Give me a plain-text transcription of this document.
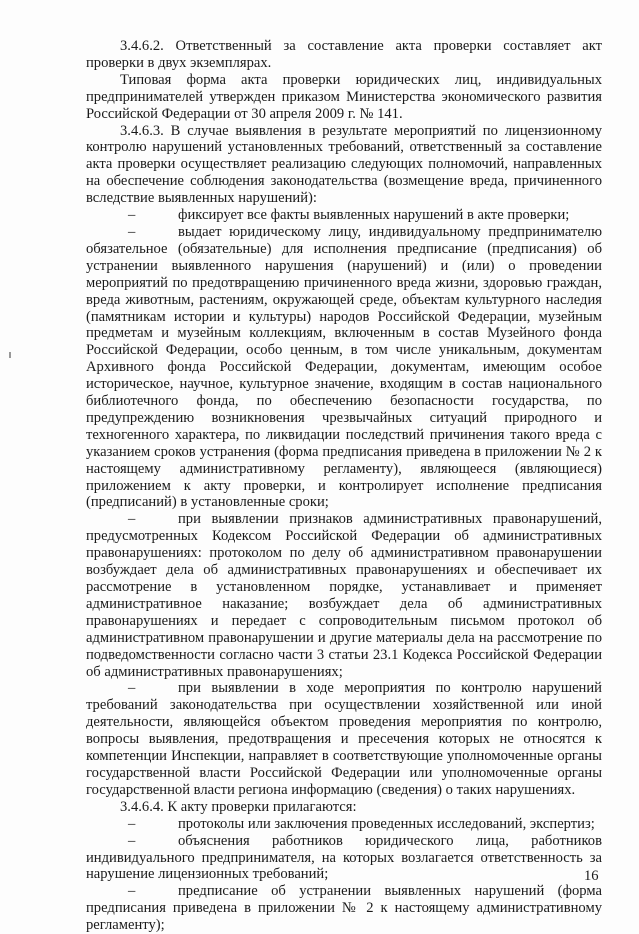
3.4.6.2. Ответственный за составление акта проверки составляет акт проверки в двух экземплярах.

Типовая форма акта проверки юридических лиц, индивидуальных предпринимателей утвержден приказом Министерства экономического развития Российской Федерации от 30 апреля 2009 г. № 141.

3.4.6.3. В случае выявления в результате мероприятий по лицензионному контролю нарушений установленных требований, ответственный за составление акта проверки осуществляет реализацию следующих полномочий, направленных на обеспечение соблюдения законодательства (возмещение вреда, причиненного вследствие выявленных нарушений):

–	фиксирует все факты выявленных нарушений в акте проверки;

–	выдает юридическому лицу, индивидуальному предпринимателю обязательное (обязательные) для исполнения предписание (предписания) об устранении выявленного нарушения (нарушений) и (или) о проведении мероприятий по предотвращению причиненного вреда жизни, здоровью граждан, вреда животным, растениям, окружающей среде, объектам культурного наследия (памятникам истории и культуры) народов Российской Федерации, музейным предметам и музейным коллекциям, включенным в состав Музейного фонда Российской Федерации, особо ценным, в том числе уникальным, документам Архивного фонда Российской Федерации, документам, имеющим особое историческое, научное, культурное значение, входящим в состав национального библиотечного фонда, по обеспечению безопасности государства, по предупреждению возникновения чрезвычайных ситуаций природного и техногенного характера, по ликвидации последствий причинения такого вреда с указанием сроков устранения (форма предписания приведена в приложении № 2 к настоящему административному регламенту), являющееся (являющиеся) приложением к акту проверки, и контролирует исполнение предписания (предписаний) в установленные сроки;

–	при выявлении признаков административных правонарушений, предусмотренных Кодексом Российской Федерации об административных правонарушениях: протоколом по делу об административном правонарушении возбуждает дела об административных правонарушениях и обеспечивает их рассмотрение в установленном порядке, устанавливает и применяет административное наказание; возбуждает дела об административных правонарушениях и передает с сопроводительным письмом протокол об административном правонарушении и другие материалы дела на рассмотрение по подведомственности согласно части 3 статьи 23.1 Кодекса Российской Федерации об административных правонарушениях;

–	при выявлении в ходе мероприятия по контролю нарушений требований законодательства при осуществлении хозяйственной или иной деятельности, являющейся объектом проведения мероприятия по контролю, вопросы выявления, предотвращения и пресечения которых не относятся к компетенции Инспекции, направляет в соответствующие уполномоченные органы государственной власти Российской Федерации или уполномоченные органы государственной власти региона информацию (сведения) о таких нарушениях.

3.4.6.4. К акту проверки прилагаются:

–	протоколы или заключения проведенных исследований, экспертиз;

–	объяснения работников юридического лица, работников индивидуального предпринимателя, на которых возлагается ответственность за нарушение лицензионных требований;

–	предписание об устранении выявленных нарушений (форма предписания приведена в приложении № 2 к настоящему административному регламенту);

16
